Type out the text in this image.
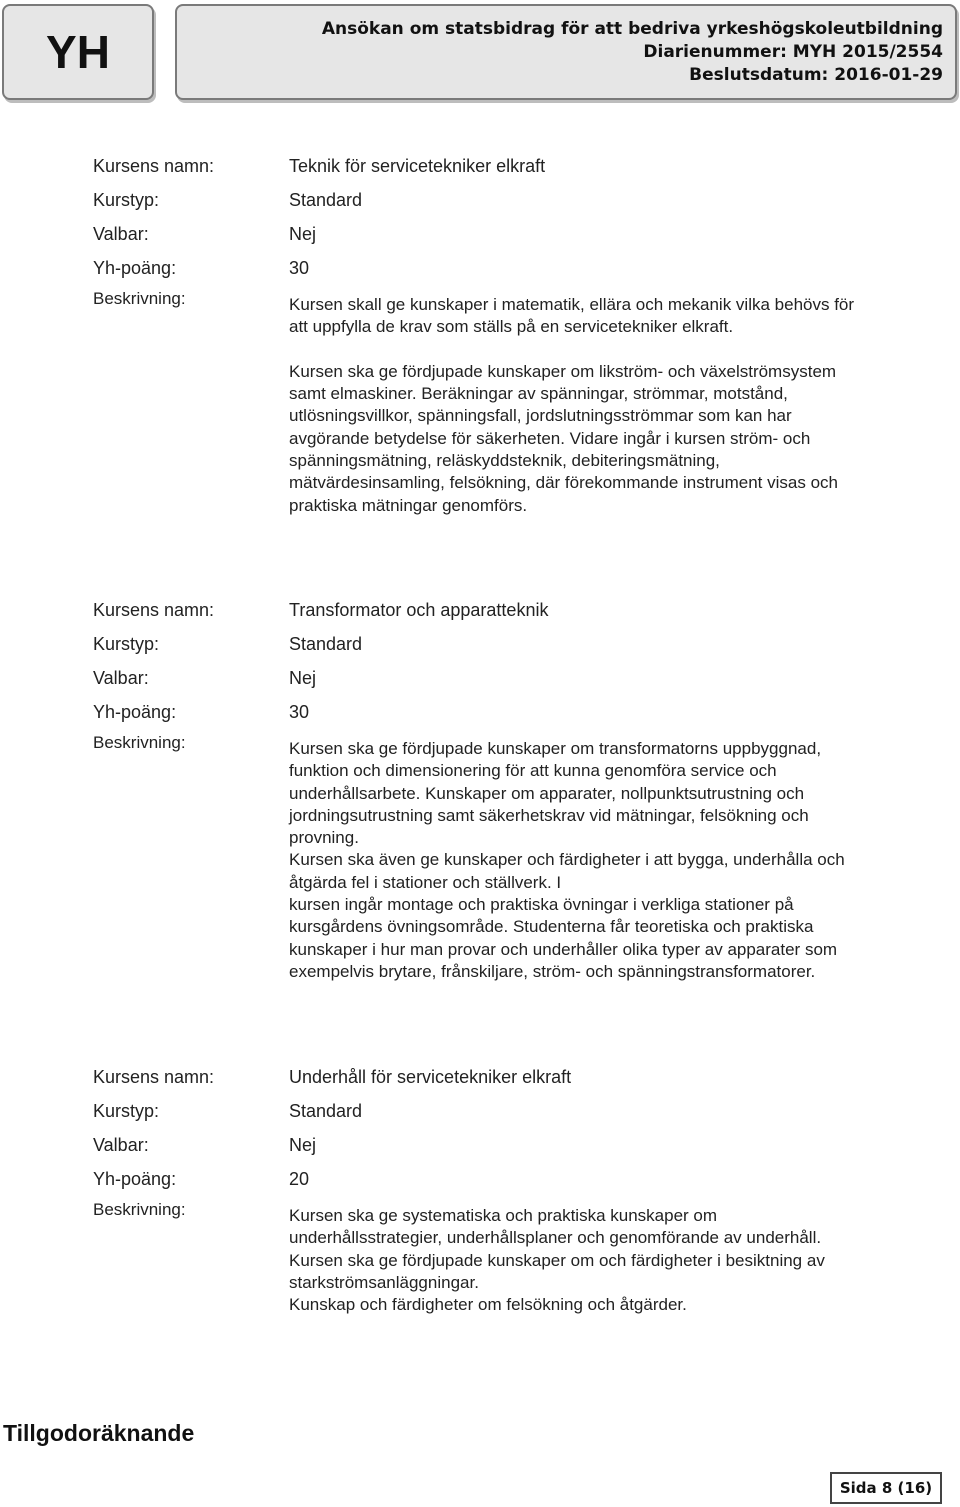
YH	Ansökan om statsbidrag för att bedriva yrkeshögskoleutbildning
Diarienummer: MYH 2015/2554
Beslutsdatum: 2016-01-29
Kursens namn:	Teknik för servicetekniker elkraft
Kurstyp:	Standard
Valbar:	Nej
Yh-poäng:	30
Beskrivning:	Kursen skall ge kunskaper i matematik, ellära och mekanik vilka behövs för
att uppfylla de krav som ställs på en servicetekniker elkraft.

Kursen ska ge fördjupade kunskaper om likström- och växelströmsystem
samt elmaskiner. Beräkningar av spänningar, strömmar, motstånd,
utlösningsvillkor, spänningsfall, jordslutningsströmmar som kan har
avgörande betydelse för säkerheten. Vidare ingår i kursen ström- och
spänningsmätning, reläskyddsteknik, debiteringsmätning,
mätvärdesinsamling, felsökning, där förekommande instrument visas och
praktiska mätningar genomförs.
Kursens namn:	Transformator och apparatteknik
Kurstyp:	Standard
Valbar:	Nej
Yh-poäng:	30
Beskrivning:	Kursen ska ge fördjupade kunskaper om transformatorns uppbyggnad,
funktion och dimensionering för att kunna genomföra service och
underhållsarbete. Kunskaper om apparater, nollpunktsutrustning och
jordningsutrustning samt säkerhetskrav vid mätningar, felsökning och
provning.
Kursen ska även ge kunskaper och färdigheter i att bygga, underhålla och
åtgärda fel i stationer och ställverk. I
kursen ingår montage och praktiska övningar i verkliga stationer på
kursgårdens övningsområde. Studenterna får teoretiska och praktiska
kunskaper i hur man provar och underhåller olika typer av apparater som
exempelvis brytare, frånskiljare, ström- och spänningstransformatorer.
Kursens namn:	Underhåll för servicetekniker elkraft
Kurstyp:	Standard
Valbar:	Nej
Yh-poäng:	20
Beskrivning:	Kursen ska ge systematiska och praktiska kunskaper om
underhållsstrategier, underhållsplaner och genomförande av underhåll.
Kursen ska ge fördjupade kunskaper om och färdigheter i besiktning av
starkströmsanläggningar.
Kunskap och färdigheter om felsökning och åtgärder.
Tillgodoräknande
Sida 8 (16)
